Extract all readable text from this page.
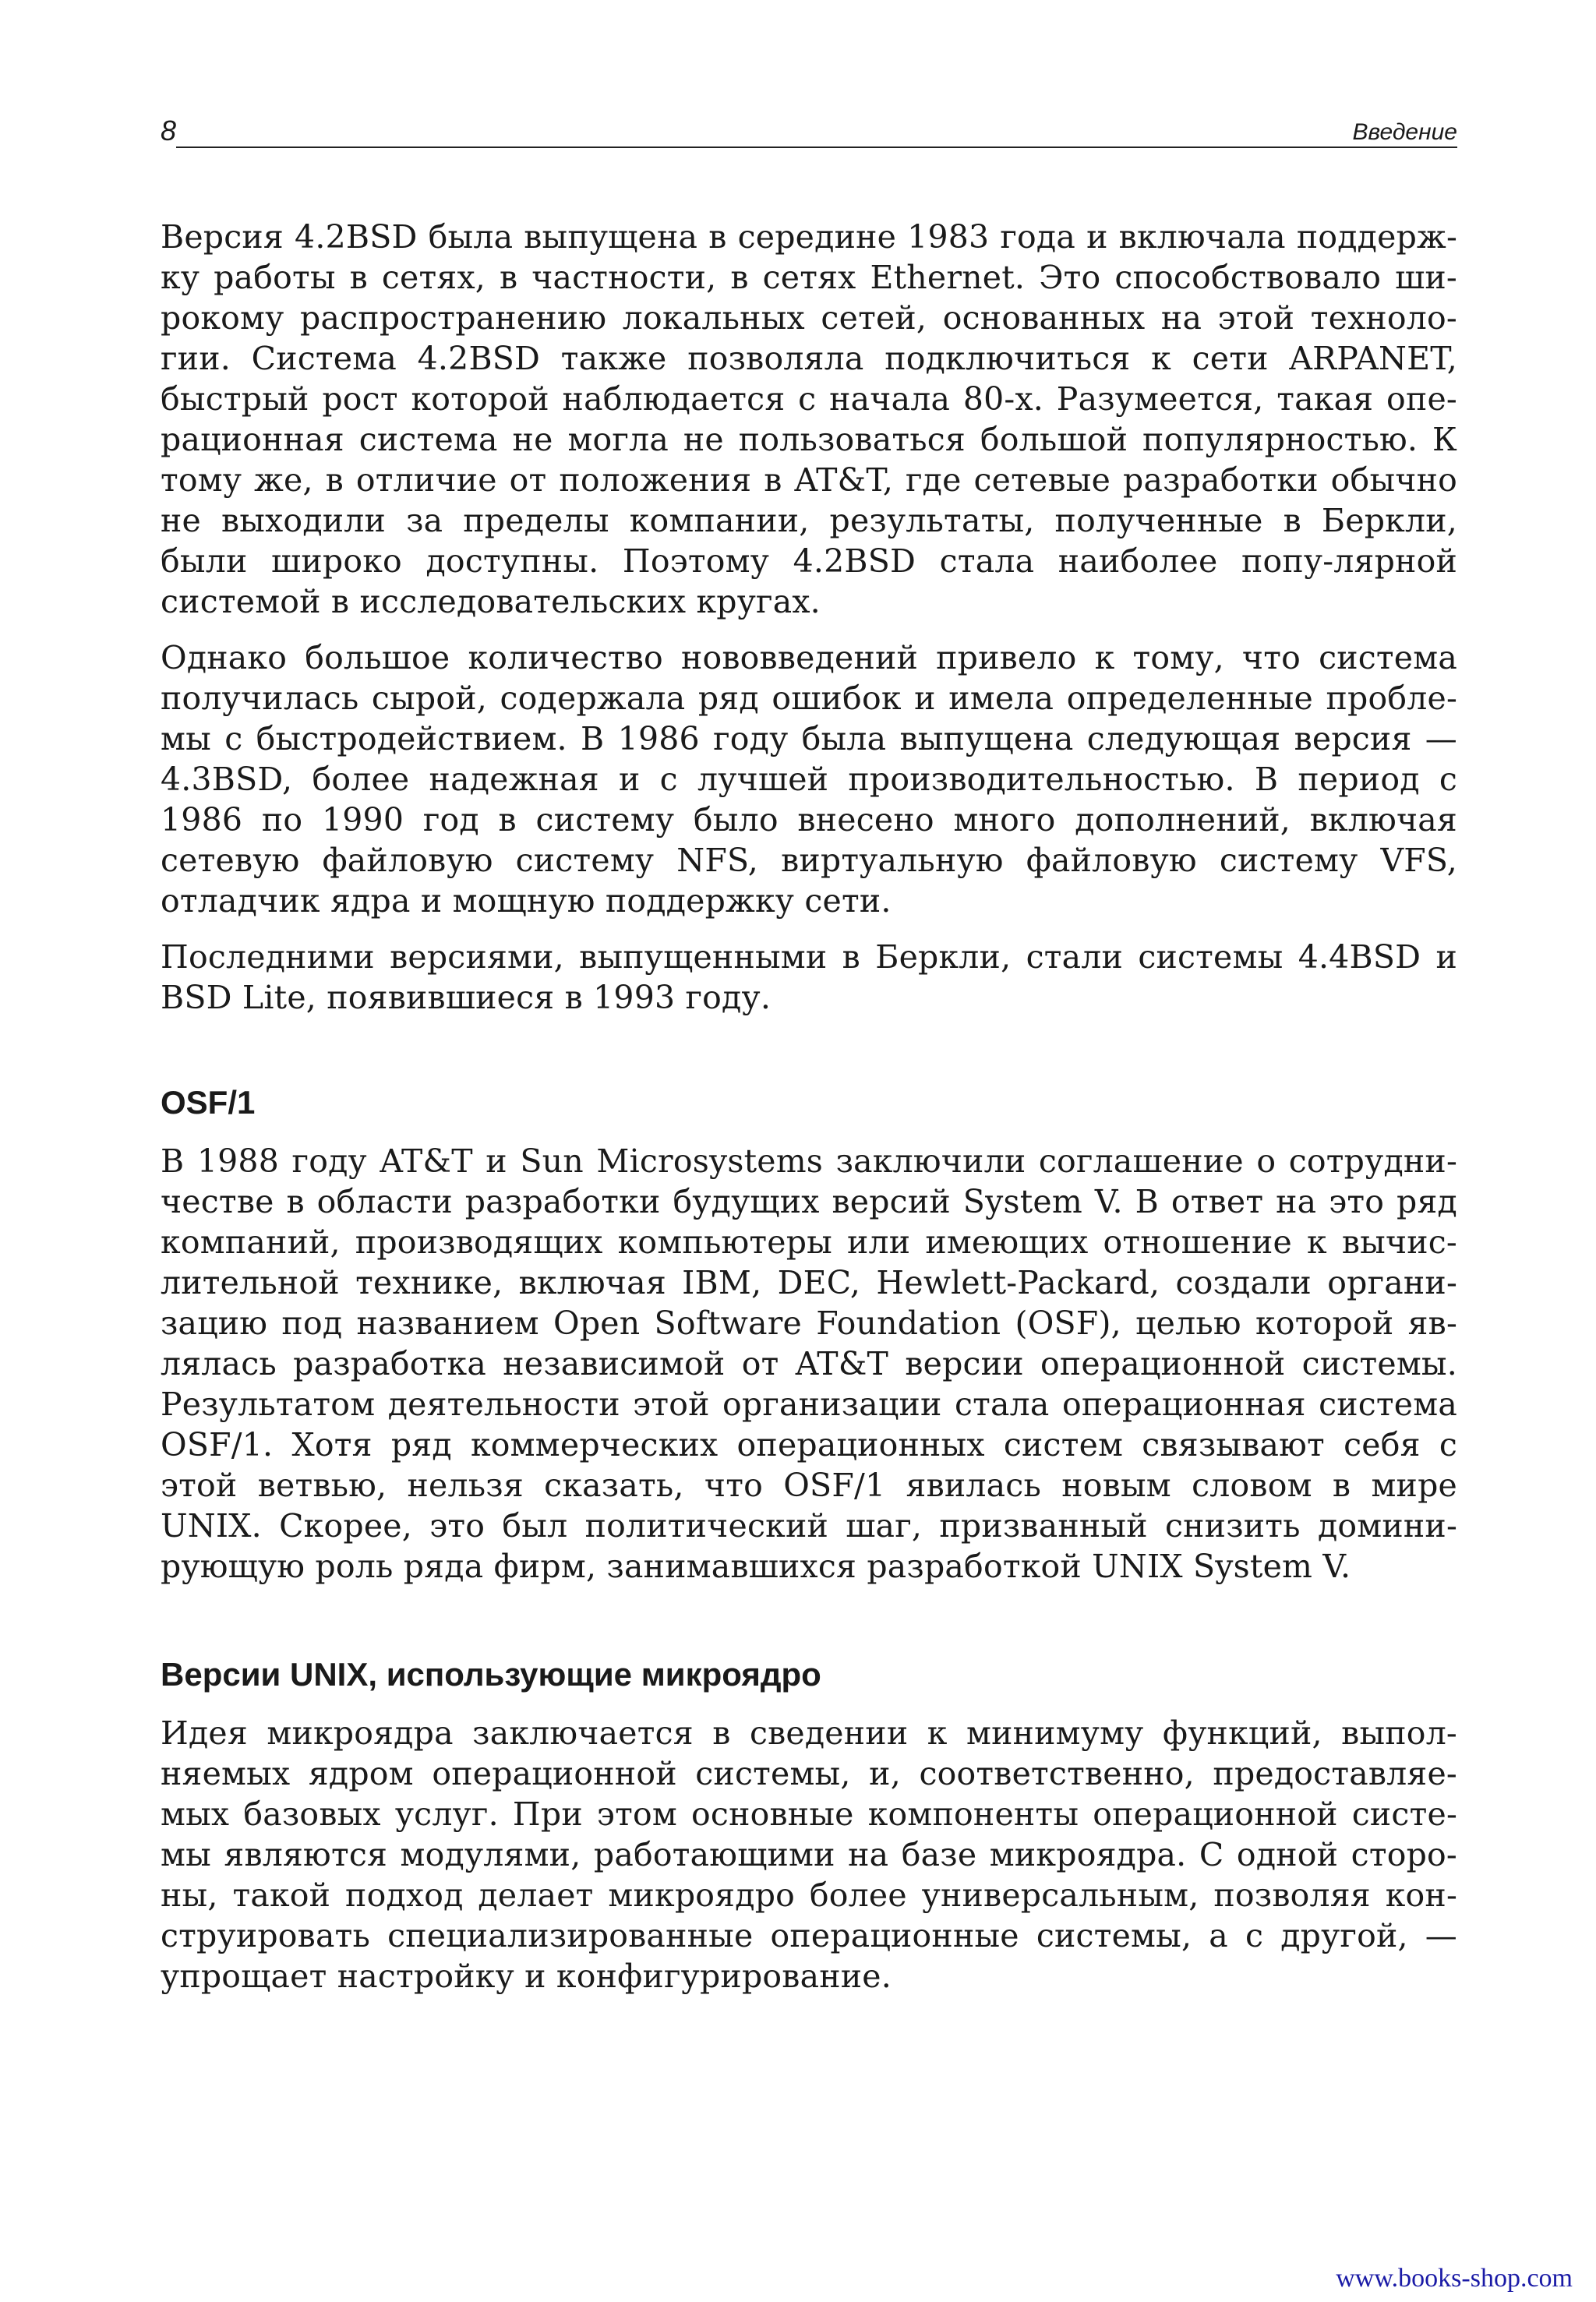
8	Введение

Версия 4.2BSD была выпущена в середине 1983 года и включала поддерж-ку работы в сетях, в частности, в сетях Ethernet. Это способствовало ши-рокому распространению локальных сетей, основанных на этой техноло-гии. Система 4.2BSD также позволяла подключиться к сети ARPANET, быстрый рост которой наблюдается с начала 80-х. Разумеется, такая опе-рационная система не могла не пользоваться большой популярностью. К тому же, в отличие от положения в AT&T, где сетевые разработки обычно не выходили за пределы компании, результаты, полученные в Беркли, были широко доступны. Поэтому 4.2BSD стала наиболее попу-лярной системой в исследовательских кругах.

Однако большое количество нововведений привело к тому, что система получилась сырой, содержала ряд ошибок и имела определенные пробле-мы с быстродействием. В 1986 году была выпущена следующая версия — 4.3BSD, более надежная и с лучшей производительностью. В период с 1986 по 1990 год в систему было внесено много дополнений, включая сетевую файловую систему NFS, виртуальную файловую систему VFS, отладчик ядра и мощную поддержку сети.

Последними версиями, выпущенными в Беркли, стали системы 4.4BSD и BSD Lite, появившиеся в 1993 году.

OSF/1

В 1988 году AT&T и Sun Microsystems заключили соглашение о сотрудни-честве в области разработки будущих версий System V. В ответ на это ряд компаний, производящих компьютеры или имеющих отношение к вычис-лительной технике, включая IBM, DEC, Hewlett-Packard, создали органи-зацию под названием Open Software Foundation (OSF), целью которой яв-лялась разработка независимой от AT&T версии операционной системы. Результатом деятельности этой организации стала операционная система OSF/1. Хотя ряд коммерческих операционных систем связывают себя с этой ветвью, нельзя сказать, что OSF/1 явилась новым словом в мире UNIX. Скорее, это был политический шаг, призванный снизить домини-рующую роль ряда фирм, занимавшихся разработкой UNIX System V.

Версии UNIX, использующие микроядро

Идея микроядра заключается в сведении к минимуму функций, выпол-няемых ядром операционной системы, и, соответственно, предоставляе-мых базовых услуг. При этом основные компоненты операционной систе-мы являются модулями, работающими на базе микроядра. С одной сторо-ны, такой подход делает микроядро более универсальным, позволяя кон-струировать специализированные операционные системы, а с другой, — упрощает настройку и конфигурирование.

www.books-shop.com
